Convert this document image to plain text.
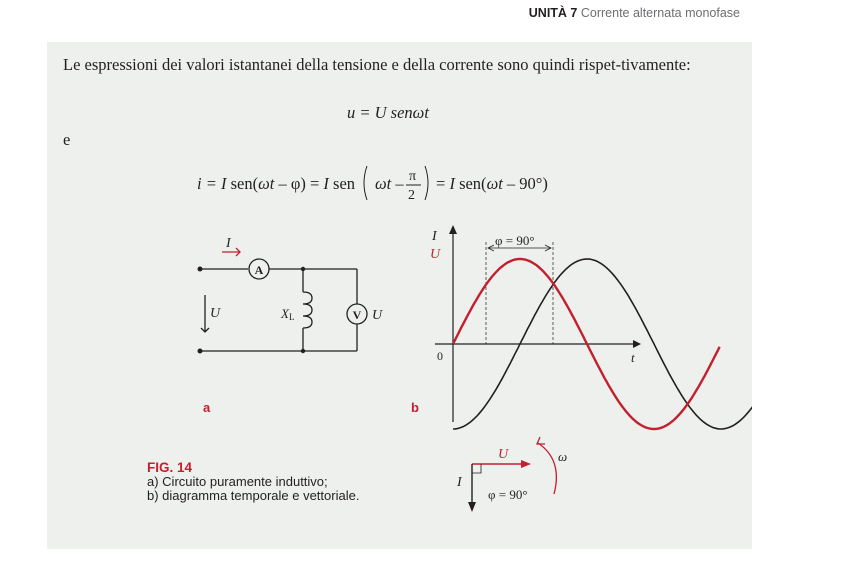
UNITÀ 7 Corrente alternata monofase

Le espressioni dei valori istantanei della tensione e della corrente sono quindi rispet-tivamente:

u = U senωt
e
i = I sen(ωt – φ) = I sen ωt – π
2
= I sen(ωt – 90°)
A
V
I
U	XL	U
a
I
U
0	t
φ = 90°
b
U
I
ω
φ = 90°
FIG. 14
a) Circuito puramente induttivo;
b) diagramma temporale e vettoriale.
